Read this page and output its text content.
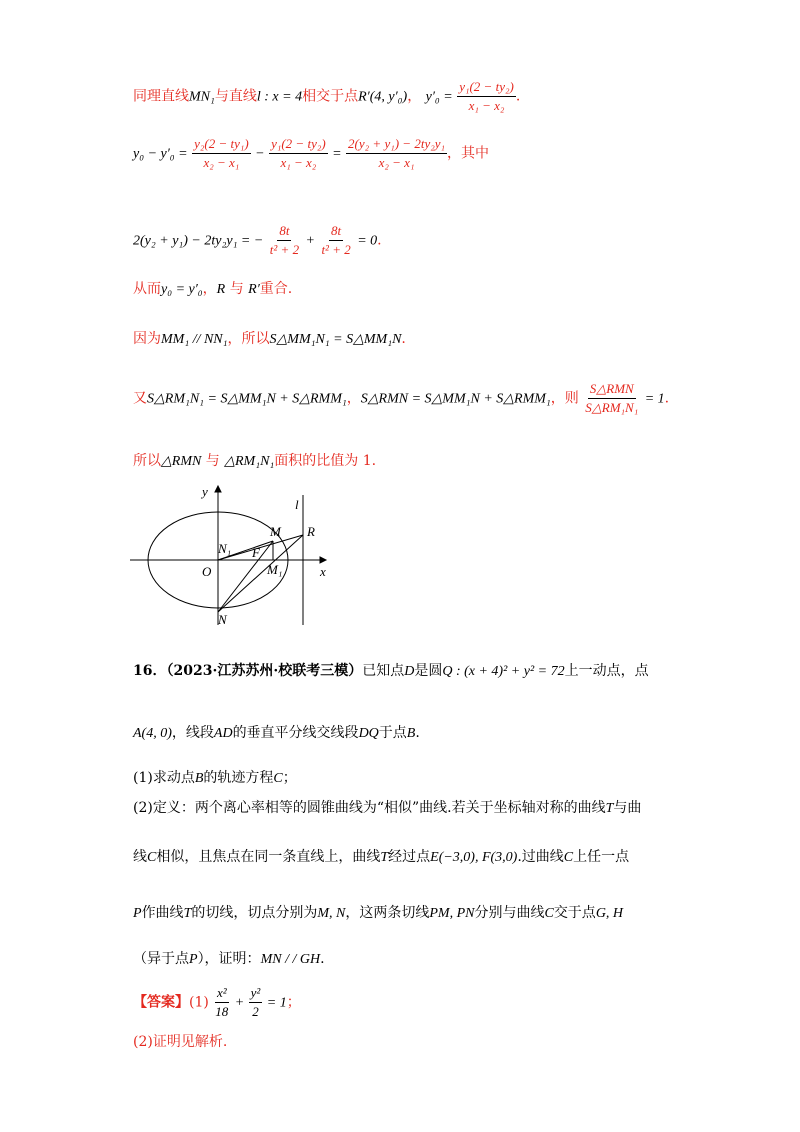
同理直线MN₁与直线l : x = 4相交于点R′(4, y′₀)， $y'_0 = \frac{\text{y₁(2 − ty₂)}}{\text{x₁ − x₂}}$ .
$y_0 - y'_0 = \frac{\text{y₂(2 − ty₁)}}{\text{x₂ − x₁}} - \frac{\text{y₁(2 − ty₂)}}{\text{x₁ − x₂}} = \frac{\text{2(y₂ + y₁) − 2ty₂y₁}}{\text{x₂ − x₁}}$ ，其中
2(y₂ + y₁) − 2ty₂y₁ = − $\frac{8t}{\text{t² + 2}} + \frac{8t}{\text{t² + 2}} = 0$.
从而y₀ = y′₀，R 与 R′重合.
因为MM₁ // NN₁，所以S△MM₁N₁ = S△MM₁N.
又S△RM₁N₁ = S△MM₁N + S△RMM₁，S△RMN = S△MM₁N + S△RMM₁，则 $\frac{\text{S△RMN}}{\text{S△RM₁N₁}} = 1$.
所以△RMN 与 △RM₁N₁面积的比值为 1.
y
x
l
O
M
N
R
F
N₁
M₁
16．（2023·江苏苏州·校联考三模）已知点D是圆Q : (x + 4)² + y² = 72上一动点，点
A(4, 0)，线段AD的垂直平分线交线段DQ于点B.
(1)求动点B的轨迹方程C；
(2)定义：两个离心率相等的圆锥曲线为“相似”曲线.若关于坐标轴对称的曲线T与曲
线C相似，且焦点在同一条直线上，曲线T经过点E(−3,0), F(3,0).过曲线C上任一点
P作曲线T的切线，切点分别为M, N，这两条切线PM, PN分别与曲线C交于点G, H
（异于点P），证明：MN / / GH.
【答案】$(1) \frac{\text{x²}}{18} + \frac{\text{y²}}{2} = 1$；
(2)证明见解析.
